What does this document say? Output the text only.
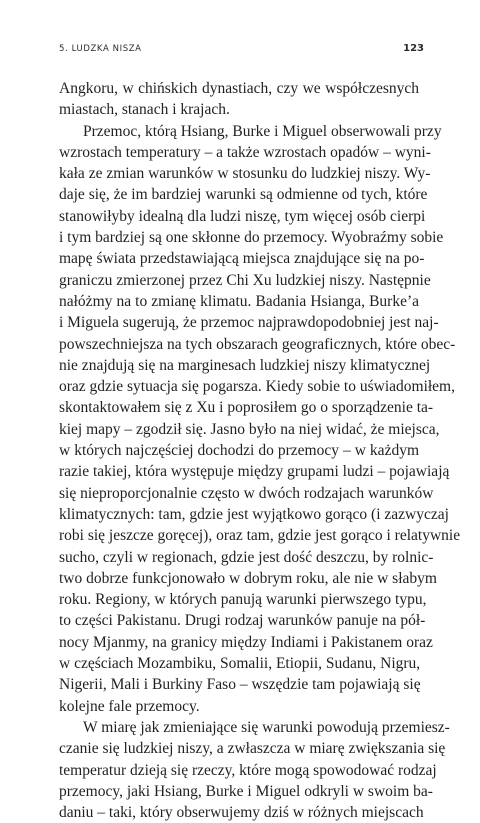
5. LUDZKA NISZA	123
Angkoru, w chińskich dynastiach, czy we współczesnych
miastach, stanach i krajach.
Przemoc, którą Hsiang, Burke i Miguel obserwowali przy
wzrostach temperatury – a także wzrostach opadów – wyni-
kała ze zmian warunków w stosunku do ludzkiej niszy. Wy-
daje się, że im bardziej warunki są odmienne od tych, które
stanowiłyby idealną dla ludzi niszę, tym więcej osób cierpi
i tym bardziej są one skłonne do przemocy. Wyobraźmy sobie
mapę świata przedstawiającą miejsca znajdujące się na po-
graniczu zmierzonej przez Chi Xu ludzkiej niszy. Następnie
nałóżmy na to zmianę klimatu. Badania Hsianga, Burke’a
i Miguela sugerują, że przemoc najprawdopodobniej jest naj-
powszechniejsza na tych obszarach geograficznych, które obec-
nie znajdują się na marginesach ludzkiej niszy klimatycznej
oraz gdzie sytuacja się pogarsza. Kiedy sobie to uświadomiłem,
skontaktowałem się z Xu i poprosiłem go o sporządzenie ta-
kiej mapy – zgodził się. Jasno było na niej widać, że miejsca,
w których najczęściej dochodzi do przemocy – w każdym
razie takiej, która występuje między grupami ludzi – pojawiają
się nieproporcjonalnie często w dwóch rodzajach warunków
klimatycznych: tam, gdzie jest wyjątkowo gorąco (i zazwyczaj
robi się jeszcze goręcej), oraz tam, gdzie jest gorąco i relatywnie
sucho, czyli w regionach, gdzie jest dość deszczu, by rolnic-
two dobrze funkcjonowało w dobrym roku, ale nie w słabym
roku. Regiony, w których panują warunki pierwszego typu,
to części Pakistanu. Drugi rodzaj warunków panuje na pół-
nocy Mjanmy, na granicy między Indiami i Pakistanem oraz
w częściach Mozambiku, Somalii, Etiopii, Sudanu, Nigru,
Nigerii, Mali i Burkiny Faso – wszędzie tam pojawiają się
kolejne fale przemocy.
W miarę jak zmieniające się warunki powodują przemiesz-
czanie się ludzkiej niszy, a zwłaszcza w miarę zwiększania się
temperatur dzieją się rzeczy, które mogą spowodować rodzaj
przemocy, jaki Hsiang, Burke i Miguel odkryli w swoim ba-
daniu – taki, który obserwujemy dziś w różnych miejscach
